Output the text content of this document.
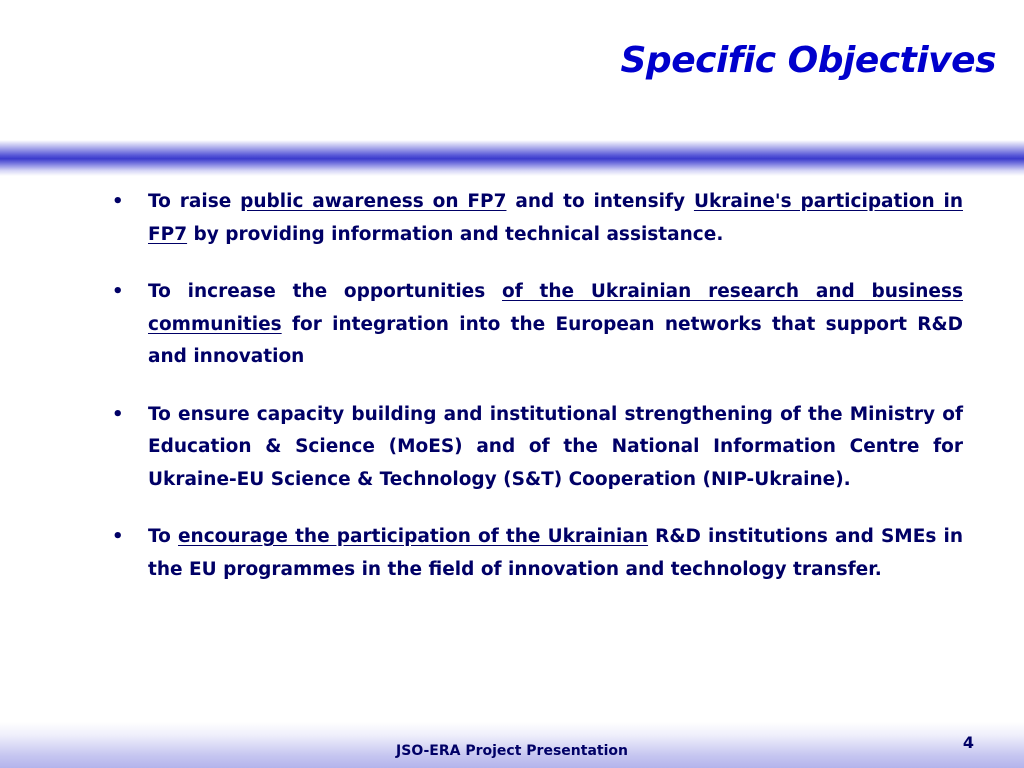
Specific Objectives
• To raise public awareness on FP7 and to intensify Ukraine's participation in FP7 by providing information and technical assistance.
• To increase the opportunities of the Ukrainian research and business communities for integration into the European networks that support R&D and innovation
• To ensure capacity building and institutional strengthening of the Ministry of Education & Science (MoES) and of the National Information Centre for Ukraine-EU Science & Technology (S&T) Cooperation (NIP-Ukraine).
• To encourage the participation of the Ukrainian R&D institutions and SMEs in the EU programmes in the field of innovation and technology transfer.
JSO-ERA Project Presentation	4
